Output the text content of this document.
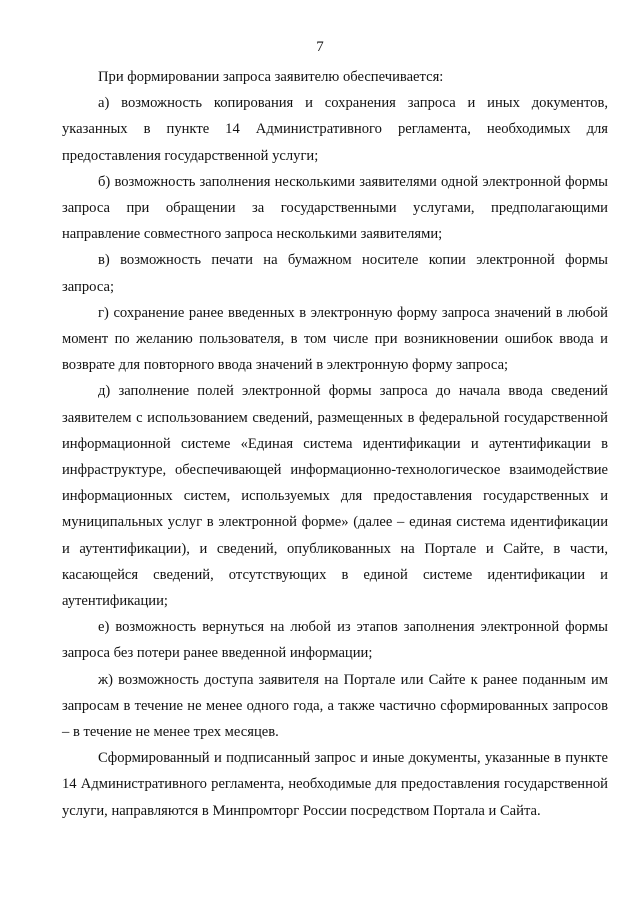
7

При формировании запроса заявителю обеспечивается:

а) возможность копирования и сохранения запроса и иных документов, указанных в пункте 14 Административного регламента, необходимых для предоставления государственной услуги;

б) возможность заполнения несколькими заявителями одной электронной формы запроса при обращении за государственными услугами, предполагающими направление совместного запроса несколькими заявителями;

в) возможность печати на бумажном носителе копии электронной формы запроса;

г) сохранение ранее введенных в электронную форму запроса значений в любой момент по желанию пользователя, в том числе при возникновении ошибок ввода и возврате для повторного ввода значений в электронную форму запроса;

д) заполнение полей электронной формы запроса до начала ввода сведений заявителем с использованием сведений, размещенных в федеральной государственной информационной системе «Единая система идентификации и аутентификации в инфраструктуре, обеспечивающей информационно-технологическое взаимодействие информационных систем, используемых для предоставления государственных и муниципальных услуг в электронной форме» (далее – единая система идентификации и аутентификации), и сведений, опубликованных на Портале и Сайте, в части, касающейся сведений, отсутствующих в единой системе идентификации и аутентификации;

е) возможность вернуться на любой из этапов заполнения электронной формы запроса без потери ранее введенной информации;

ж) возможность доступа заявителя на Портале или Сайте к ранее поданным им запросам в течение не менее одного года, а также частично сформированных запросов – в течение не менее трех месяцев.

Сформированный и подписанный запрос и иные документы, указанные в пункте 14 Административного регламента, необходимые для предоставления государственной услуги, направляются в Минпромторг России посредством Портала и Сайта.
